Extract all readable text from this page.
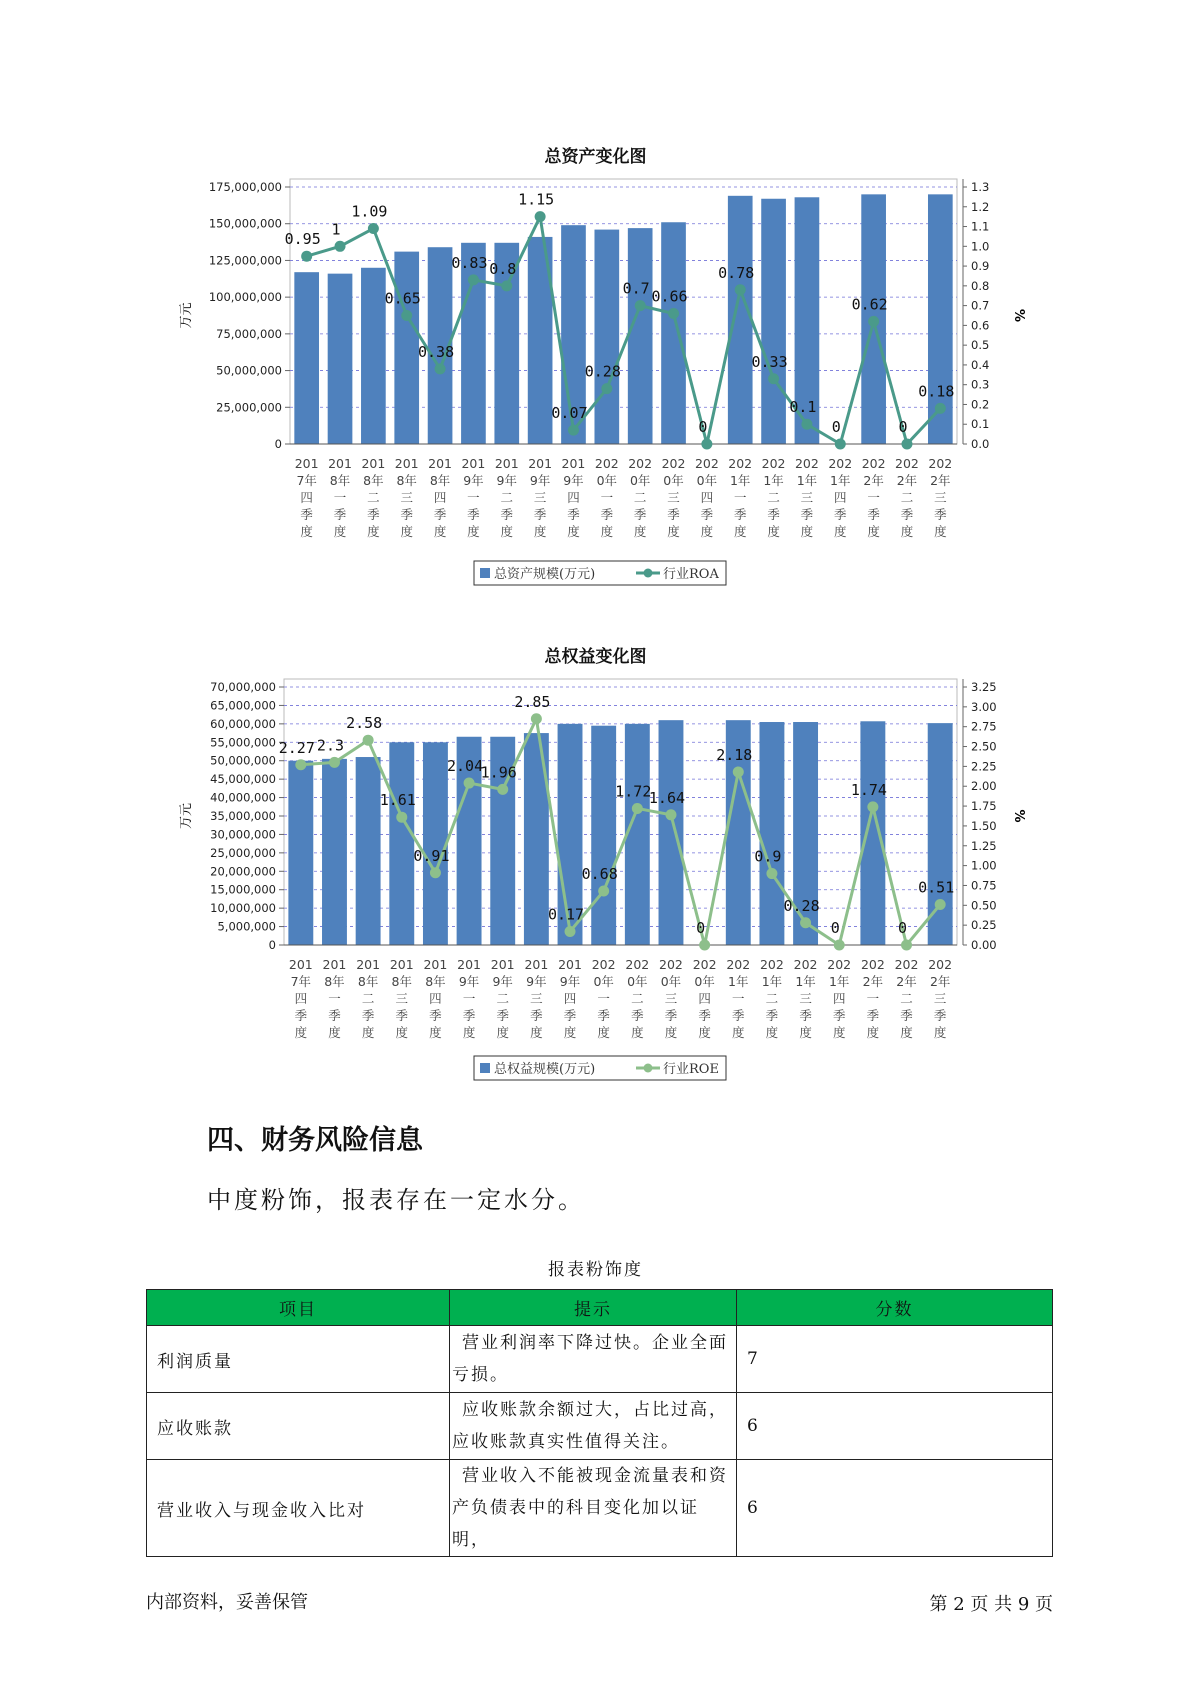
总资产变化图
0
25,000,000
50,000,000
75,000,000
100,000,000
125,000,000
150,000,000
175,000,000
0.0
0.1
0.2
0.3
0.4
0.5
0.6
0.7
0.8
0.9
1.0
1.1
1.2
1.3
万元	%
0.95
1
1.09
0.65
0.38
0.83 0.8
1.15
0.07
0.28
0.7 0.66
0
0.78
0.33
0.1
0
0.62
0
0.18
201 7年四季度
201 8年一季度
201 8年二季度
201 8年三季度
201 8年四季度
201 9年一季度
201 9年二季度
201 9年三季度
201 9年四季度
202 0年一季度
202 0年二季度
202 0年三季度
202 0年四季度
202 1年一季度
202 1年二季度
202 1年三季度
202 1年四季度
202 2年一季度
202 2年二季度
202 2年三季度
总资产规模(万元)	行业ROA
总权益变化图
0
5,000,000
10,000,000
15,000,000
20,000,000
25,000,000
30,000,000
35,000,000
40,000,000
45,000,000
50,000,000
55,000,000
60,000,000
65,000,000
70,000,000
0.00
0.25
0.50
0.75
1.00
1.25
1.50
1.75
2.00
2.25
2.50
2.75
3.00
3.25
万元	%
2.27 2.3
2.58
1.61
0.91
2.04
1.96
2.85
0.17
0.68
1.72
1.64
0
2.18
0.9
0.28
0
1.74
0
0.51
201 7年四季度
201 8年一季度
201 8年二季度
201 8年三季度
201 8年四季度
201 9年一季度
201 9年二季度
201 9年三季度
201 9年四季度
202 0年一季度
202 0年二季度
202 0年三季度
202 0年四季度
202 1年一季度
202 1年二季度
202 1年三季度
202 1年四季度
202 2年一季度
202 2年二季度
202 2年三季度
总权益规模(万元)	行业ROE
四、财务风险信息
中度粉饰，报表存在一定水分。
报表粉饰度
项目	提示	分数
利润质量	营业利润率下降过快。企业全面亏损。	7
应收账款	应收账款余额过大，占比过高，应收账款真实性值得关注。	6
营业收入与现金收入比对	营业收入不能被现金流量表和资产负债表中的科目变化加以证明，	6
内部资料，妥善保管	第 2 页 共 9 页
